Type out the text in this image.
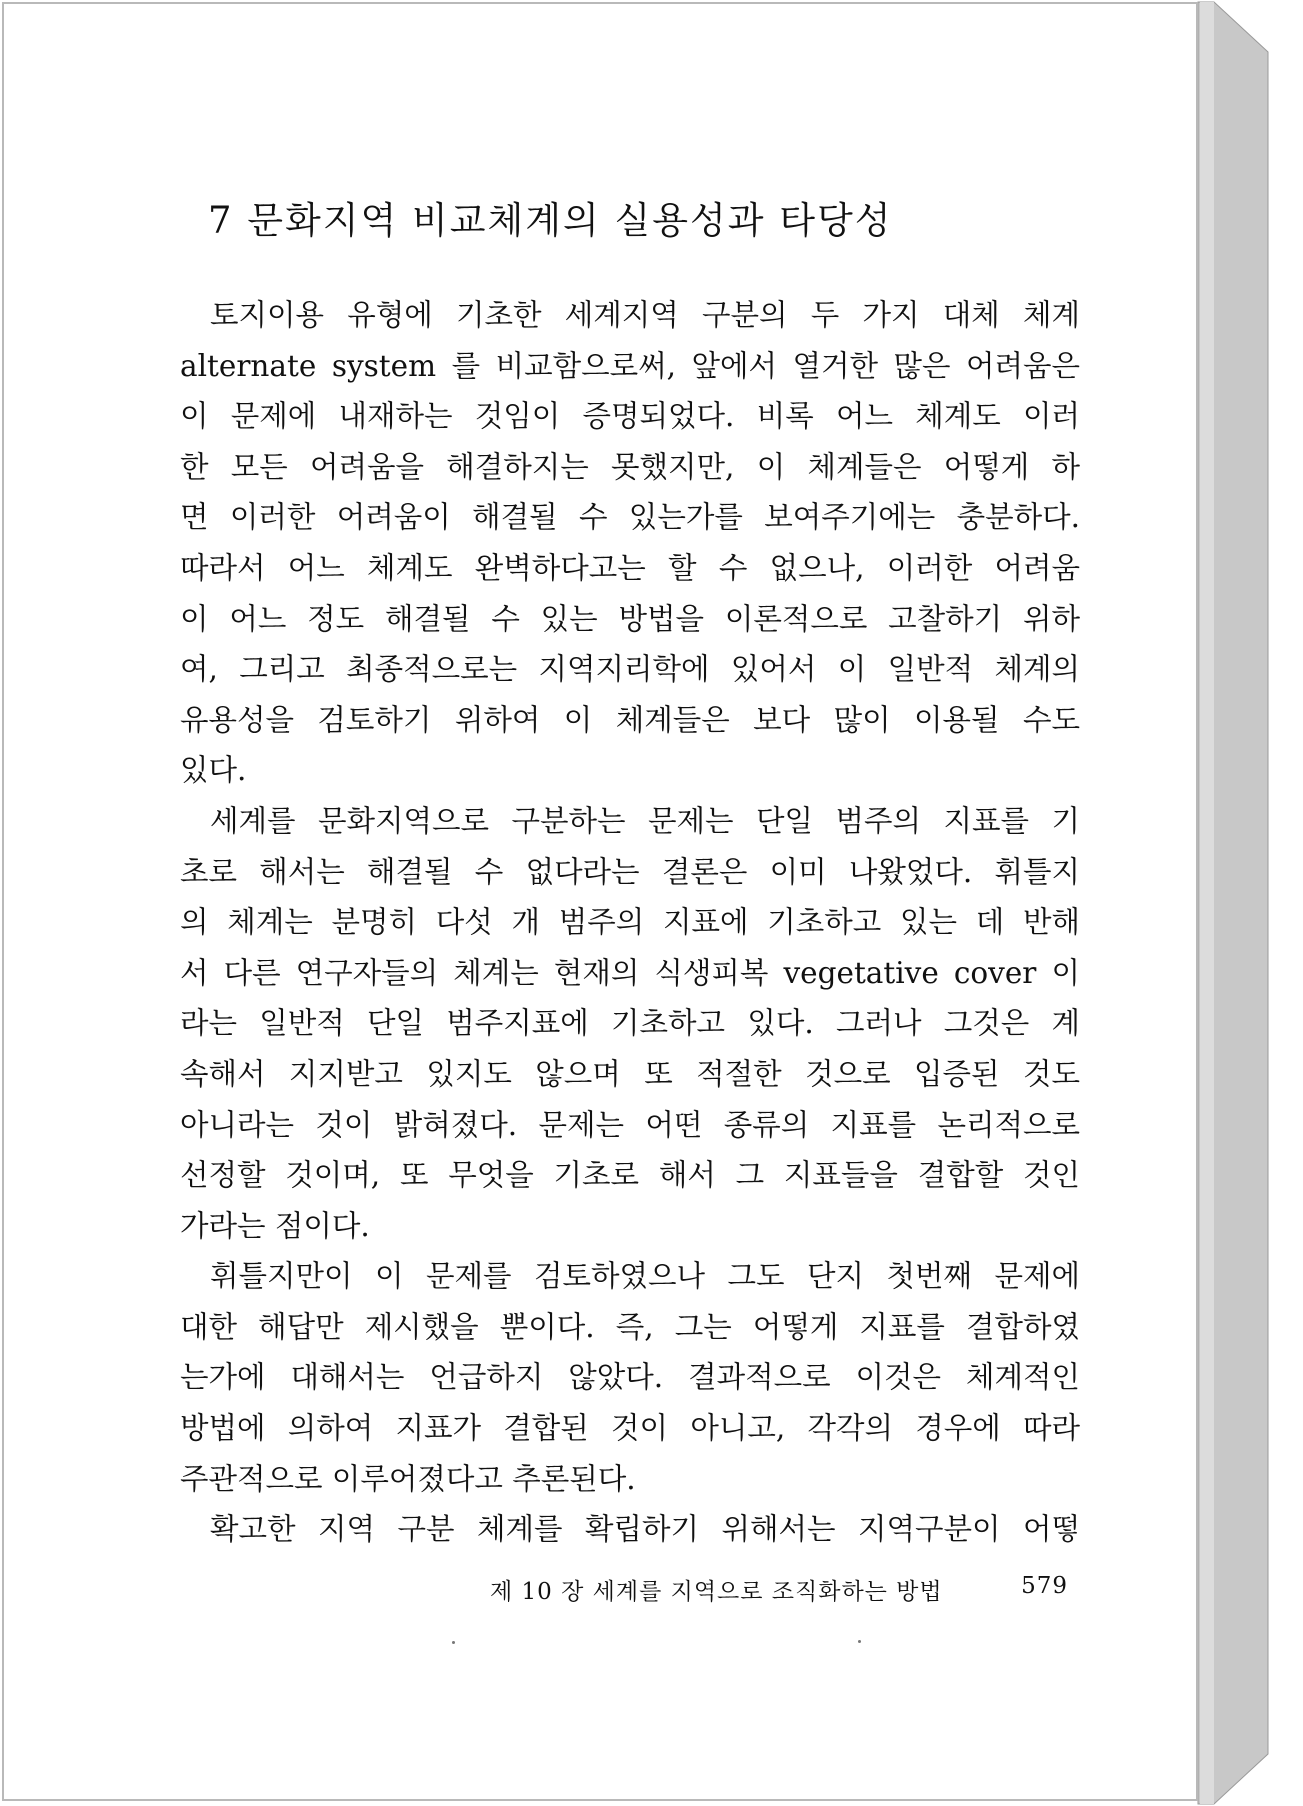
7 문화지역 비교체계의 실용성과 타당성
토지이용 유형에 기초한 세계지역 구분의 두 가지 대체 체계
alternate system 를 비교함으로써, 앞에서 열거한 많은 어려움은
이 문제에 내재하는 것임이 증명되었다. 비록 어느 체계도 이러
한 모든 어려움을 해결하지는 못했지만, 이 체계들은 어떻게 하
면 이러한 어려움이 해결될 수 있는가를 보여주기에는 충분하다.
따라서 어느 체계도 완벽하다고는 할 수 없으나, 이러한 어려움
이 어느 정도 해결될 수 있는 방법을 이론적으로 고찰하기 위하
여, 그리고 최종적으로는 지역지리학에 있어서 이 일반적 체계의
유용성을 검토하기 위하여 이 체계들은 보다 많이 이용될 수도
있다.
세계를 문화지역으로 구분하는 문제는 단일 범주의 지표를 기
초로 해서는 해결될 수 없다라는 결론은 이미 나왔었다. 휘틀지
의 체계는 분명히 다섯 개 범주의 지표에 기초하고 있는 데 반해
서 다른 연구자들의 체계는 현재의 식생피복 vegetative cover 이
라는 일반적 단일 범주지표에 기초하고 있다. 그러나 그것은 계
속해서 지지받고 있지도 않으며 또 적절한 것으로 입증된 것도
아니라는 것이 밝혀졌다. 문제는 어떤 종류의 지표를 논리적으로
선정할 것이며, 또 무엇을 기초로 해서 그 지표들을 결합할 것인
가라는 점이다.
휘틀지만이 이 문제를 검토하였으나 그도 단지 첫번째 문제에
대한 해답만 제시했을 뿐이다. 즉, 그는 어떻게 지표를 결합하였
는가에 대해서는 언급하지 않았다. 결과적으로 이것은 체계적인
방법에 의하여 지표가 결합된 것이 아니고, 각각의 경우에 따라
주관적으로 이루어졌다고 추론된다.
확고한 지역 구분 체계를 확립하기 위해서는 지역구분이 어떻
제 10 장 세계를 지역으로 조직화하는 방법	579
